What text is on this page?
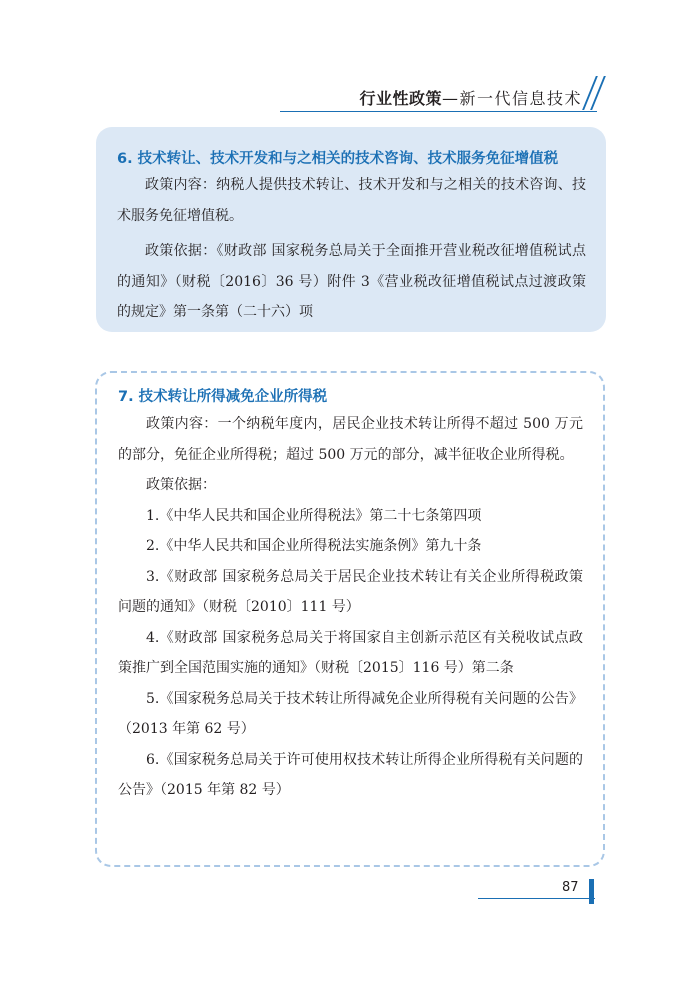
行业性政策—新一代信息技术
6. 技术转让、技术开发和与之相关的技术咨询、技术服务免征增值税

政策内容：纳税人提供技术转让、技术开发和与之相关的技术咨询、技术服务免征增值税。

政策依据：《财政部 国家税务总局关于全面推开营业税改征增值税试点的通知》（财税〔2016〕36 号）附件 3《营业税改征增值税试点过渡政策的规定》第一条第（二十六）项

7. 技术转让所得减免企业所得税

政策内容：一个纳税年度内，居民企业技术转让所得不超过 500 万元的部分，免征企业所得税；超过 500 万元的部分，减半征收企业所得税。

政策依据：

1.《中华人民共和国企业所得税法》第二十七条第四项

2.《中华人民共和国企业所得税法实施条例》第九十条

3.《财政部 国家税务总局关于居民企业技术转让有关企业所得税政策问题的通知》（财税〔2010〕111 号）

4.《财政部 国家税务总局关于将国家自主创新示范区有关税收试点政策推广到全国范围实施的通知》（财税〔2015〕116 号）第二条

5.《国家税务总局关于技术转让所得减免企业所得税有关问题的公告》（2013 年第 62 号）

6.《国家税务总局关于许可使用权技术转让所得企业所得税有关问题的公告》（2015 年第 82 号）

87
